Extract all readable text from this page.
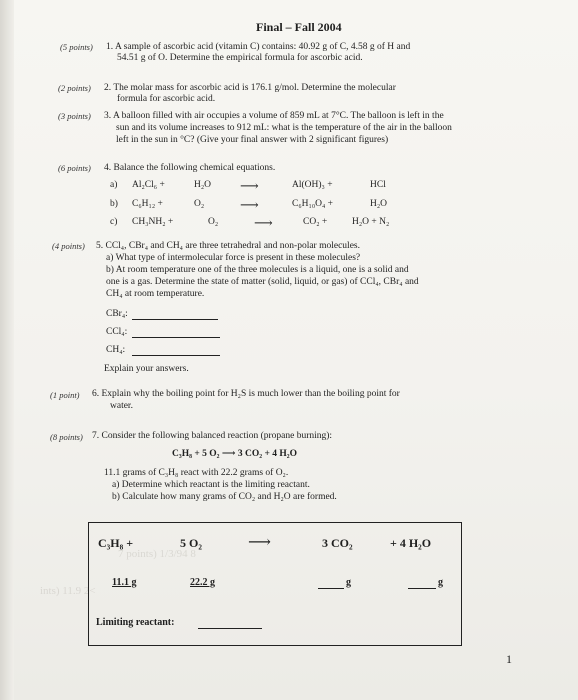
7 points) 1/3/94 8
ints) 11.9 2<
Final – Fall 2004
(5 points) 1. A sample of ascorbic acid (vitamin C) contains: 40.92 g of C, 4.58 g of H and
54.51 g of O. Determine the empirical formula for ascorbic acid.
(2 points) 2. The molar mass for ascorbic acid is 176.1 g/mol. Determine the molecular
formula for ascorbic acid.
(3 points) 3. A balloon filled with air occupies a volume of 859 mL at 7°C. The balloon is left in the
sun and its volume increases to 912 mL: what is the temperature of the air in the balloon
left in the sun in °C? (Give your final answer with 2 significant figures)
(6 points) 4. Balance the following chemical equations.
a) Al₂Cl₆ +	H₂O ⟶	Al(OH)₃ +	HCl
b) C₆H₁₂ +	O₂	⟶	C₆H₁₀O₄ +	H₂O
c) CH₃NH₂ +	O₂	⟶	CO₂ +	H₂O + N₂
(4 points) 5. CCl₄, CBr₄ and CH₄ are three tetrahedral and non-polar molecules.
a) What type of intermolecular force is present in these molecules?
b) At room temperature one of the three molecules is a liquid, one is a solid and
one is a gas. Determine the state of matter (solid, liquid, or gas) of CCl₄, CBr₄ and
CH₄ at room temperature.
CBr₄:
CCl₄:
CH₄:
Explain your answers.
(1 point) 6. Explain why the boiling point for H₂S is much lower than the boiling point for
water.
(8 points) 7. Consider the following balanced reaction (propane burning):
C₃H₈ + 5 O₂ ⟶ 3 CO₂ + 4 H₂O
11.1 grams of C₃H₈ react with 22.2 grams of O₂.
a) Determine which reactant is the limiting reactant.
b) Calculate how many grams of CO₂ and H₂O are formed.
C₃H₈ +	5 O₂	⟶	3 CO₂	+ 4 H₂O
11.1 g	22.2 g	g	g
Limiting reactant:
1
